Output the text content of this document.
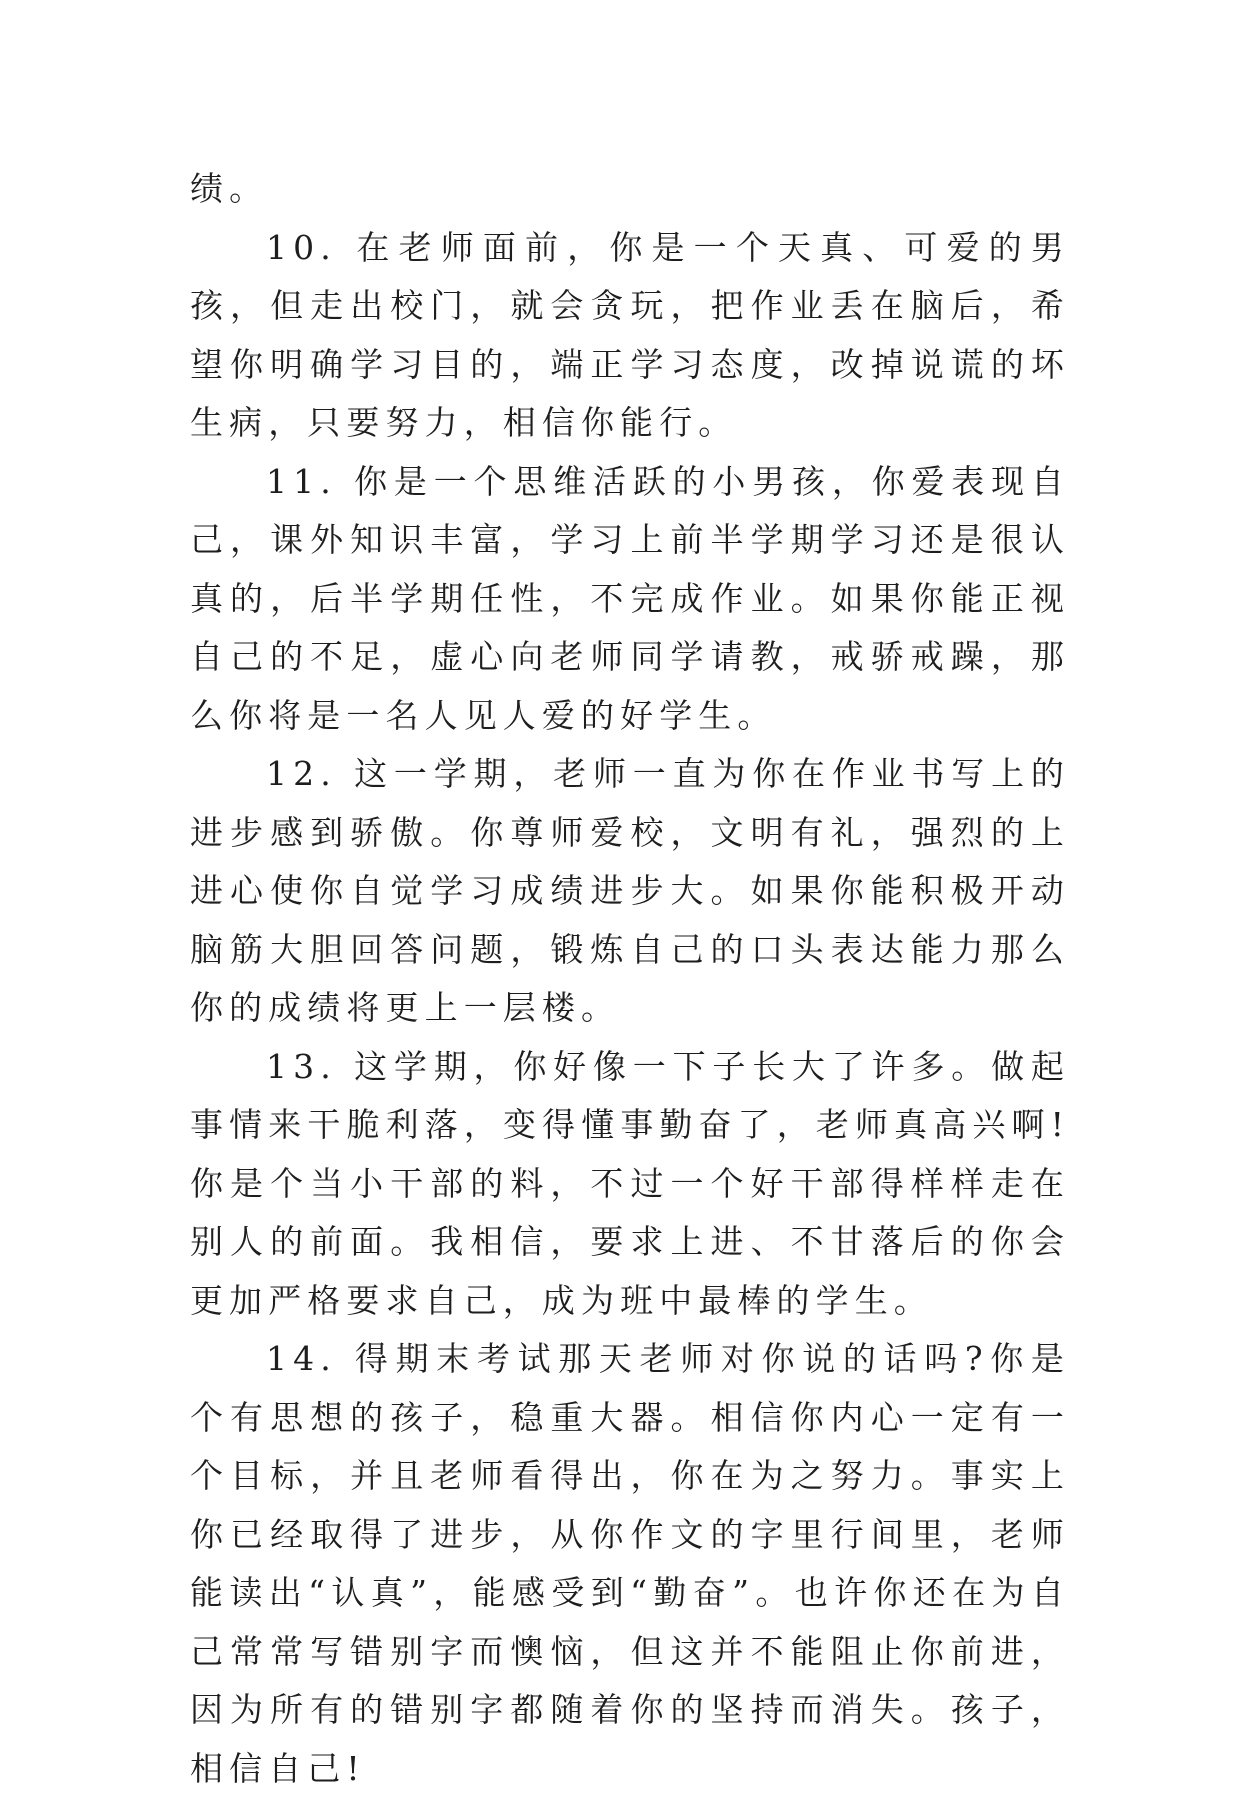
绩。

10. 在老师面前，你是一个天真、可爱的男孩，但走出校门，就会贪玩，把作业丢在脑后，希望你明确学习目的，端正学习态度，改掉说谎的坏生病，只要努力，相信你能行。

11. 你是一个思维活跃的小男孩，你爱表现自己，课外知识丰富，学习上前半学期学习还是很认真的，后半学期任性，不完成作业。如果你能正视自己的不足，虚心向老师同学请教，戒骄戒躁，那么你将是一名人见人爱的好学生。

12. 这一学期，老师一直为你在作业书写上的进步感到骄傲。你尊师爱校，文明有礼，强烈的上进心使你自觉学习成绩进步大。如果你能积极开动脑筋大胆回答问题，锻炼自己的口头表达能力那么你的成绩将更上一层楼。

13. 这学期，你好像一下子长大了许多。做起事情来干脆利落，变得懂事勤奋了，老师真高兴啊!你是个当小干部的料，不过一个好干部得样样走在别人的前面。我相信，要求上进、不甘落后的你会更加严格要求自己，成为班中最棒的学生。

14. 得期末考试那天老师对你说的话吗?你是个有思想的孩子，稳重大器。相信你内心一定有一个目标，并且老师看得出，你在为之努力。事实上你已经取得了进步，从你作文的字里行间里，老师能读出“认真”，能感受到“勤奋”。也许你还在为自己常常写错别字而懊恼，但这并不能阻止你前进，因为所有的错别字都随着你的坚持而消失。孩子，相信自己!
